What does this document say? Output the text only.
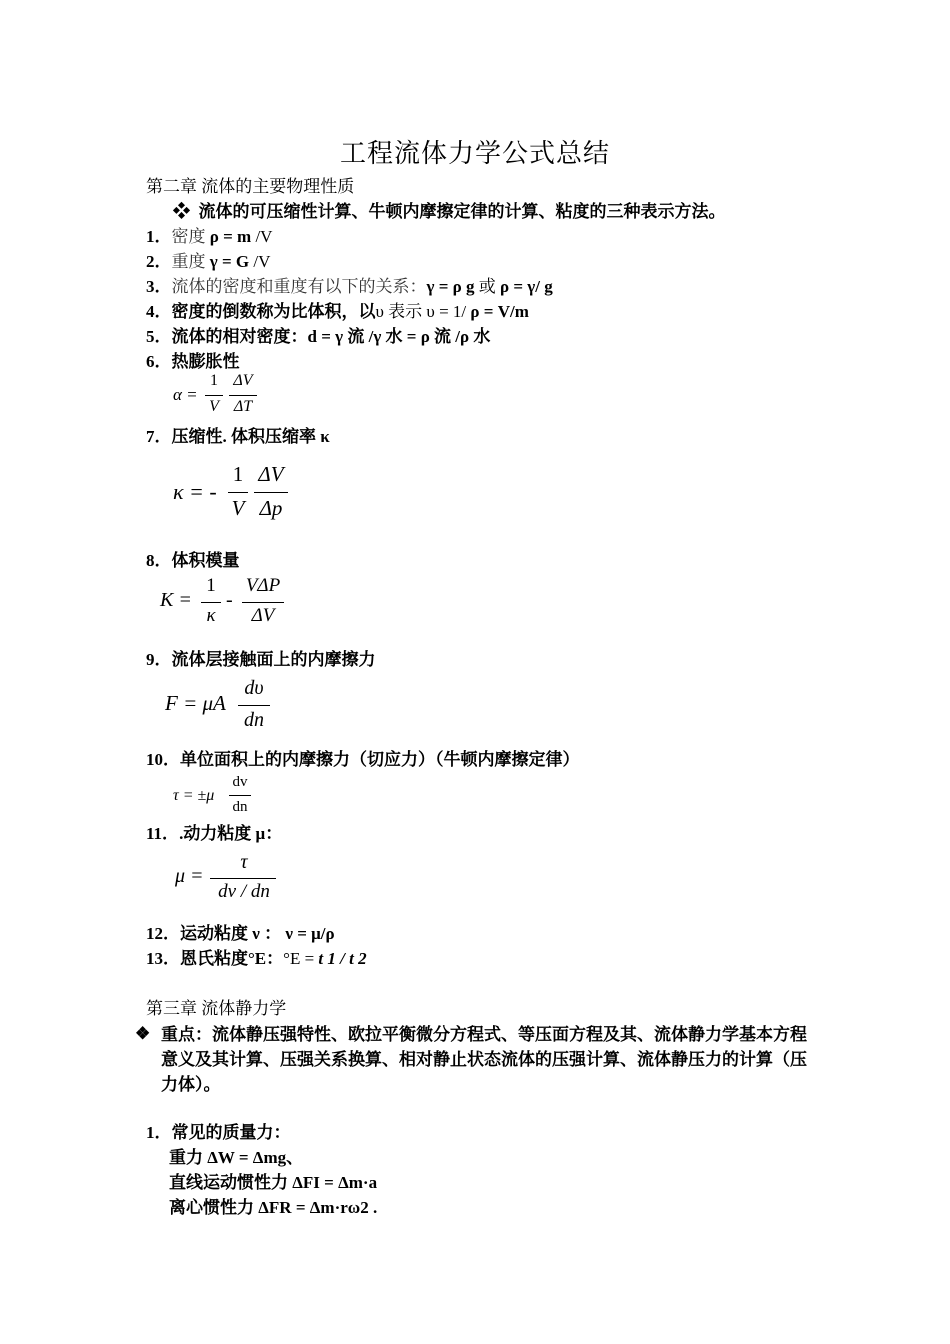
工程流体力学公式总结
第二章 流体的主要物理性质
❖ 流体的可压缩性计算、牛顿内摩擦定律的计算、粘度的三种表示方法。
1．密度 ρ = m /V
2．重度 γ = G /V
3．流体的密度和重度有以下的关系：γ = ρ g 或 ρ = γ/ g
4．密度的倒数称为比体积，以υ 表示 υ = 1/ ρ = V/m
5．流体的相对密度：d = γ 流 /γ 水 = ρ 流 /ρ 水
6．热膨胀性
α =
1
V
ΔV
ΔT
7．压缩性. 体积压缩率 κ
κ = -
1
V
ΔV
Δp
8．体积模量
K =
1
κ
-
VΔP
ΔV
9．流体层接触面上的内摩擦力
F = μA
dυ
dn
10．单位面积上的内摩擦力（切应力）（牛顿内摩擦定律）
τ = ±μ
dv
dn
11．.动力粘度 μ：
μ =
τ
dv / dn
12．运动粘度 ν ： ν = μ/ρ
13．恩氏粘度°E：°E = t 1 / t 2
第三章 流体静力学
❖ 重点：流体静压强特性、欧拉平衡微分方程式、等压面方程及其、流体静力学基本方程意义及其计算、压强关系换算、相对静止状态流体的压强计算、流体静压力的计算（压力体）。
1．常见的质量力：
重力 ΔW = Δmg、
直线运动惯性力 ΔFI = Δm·a
离心惯性力 ΔFR = Δm·rω2 .
